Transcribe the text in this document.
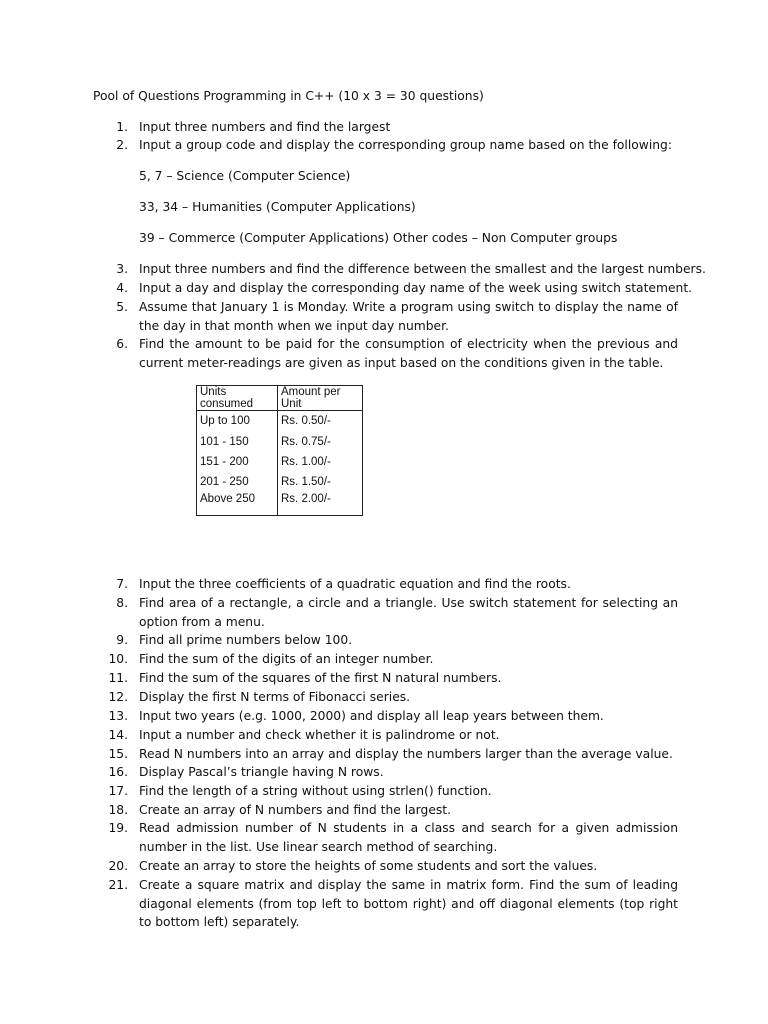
Pool of Questions Programming in C++ (10 x 3 = 30 questions)
1. Input three numbers and find the largest
2. Input a group code and display the corresponding group name based on the following:
5, 7 – Science (Computer Science)
33, 34 – Humanities (Computer Applications)
39 – Commerce (Computer Applications) Other codes – Non Computer groups
3. Input three numbers and find the difference between the smallest and the largest numbers.
4. Input a day and display the corresponding day name of the week using switch statement.
5. Assume that January 1 is Monday. Write a program using switch to display the name of the day in that month when we input day number.
6. Find the amount to be paid for the consumption of electricity when the previous and current meter-readings are given as input based on the conditions given in the table.
Units consumed	Amount per Unit
Up to 100	Rs. 0.50/-
101 - 150	Rs. 0.75/-
151 - 200	Rs. 1.00/-
201 - 250	Rs. 1.50/-
Above 250	Rs. 2.00/-
7. Input the three coefficients of a quadratic equation and find the roots.
8. Find area of a rectangle, a circle and a triangle. Use switch statement for selecting an option from a menu.
9. Find all prime numbers below 100.
10. Find the sum of the digits of an integer number.
11. Find the sum of the squares of the first N natural numbers.
12. Display the first N terms of Fibonacci series.
13. Input two years (e.g. 1000, 2000) and display all leap years between them.
14. Input a number and check whether it is palindrome or not.
15. Read N numbers into an array and display the numbers larger than the average value.
16. Display Pascal’s triangle having N rows.
17. Find the length of a string without using strlen() function.
18. Create an array of N numbers and find the largest.
19. Read admission number of N students in a class and search for a given admission number in the list. Use linear search method of searching.
20. Create an array to store the heights of some students and sort the values.
21. Create a square matrix and display the same in matrix form. Find the sum of leading diagonal elements (from top left to bottom right) and off diagonal elements (top right to bottom left) separately.
